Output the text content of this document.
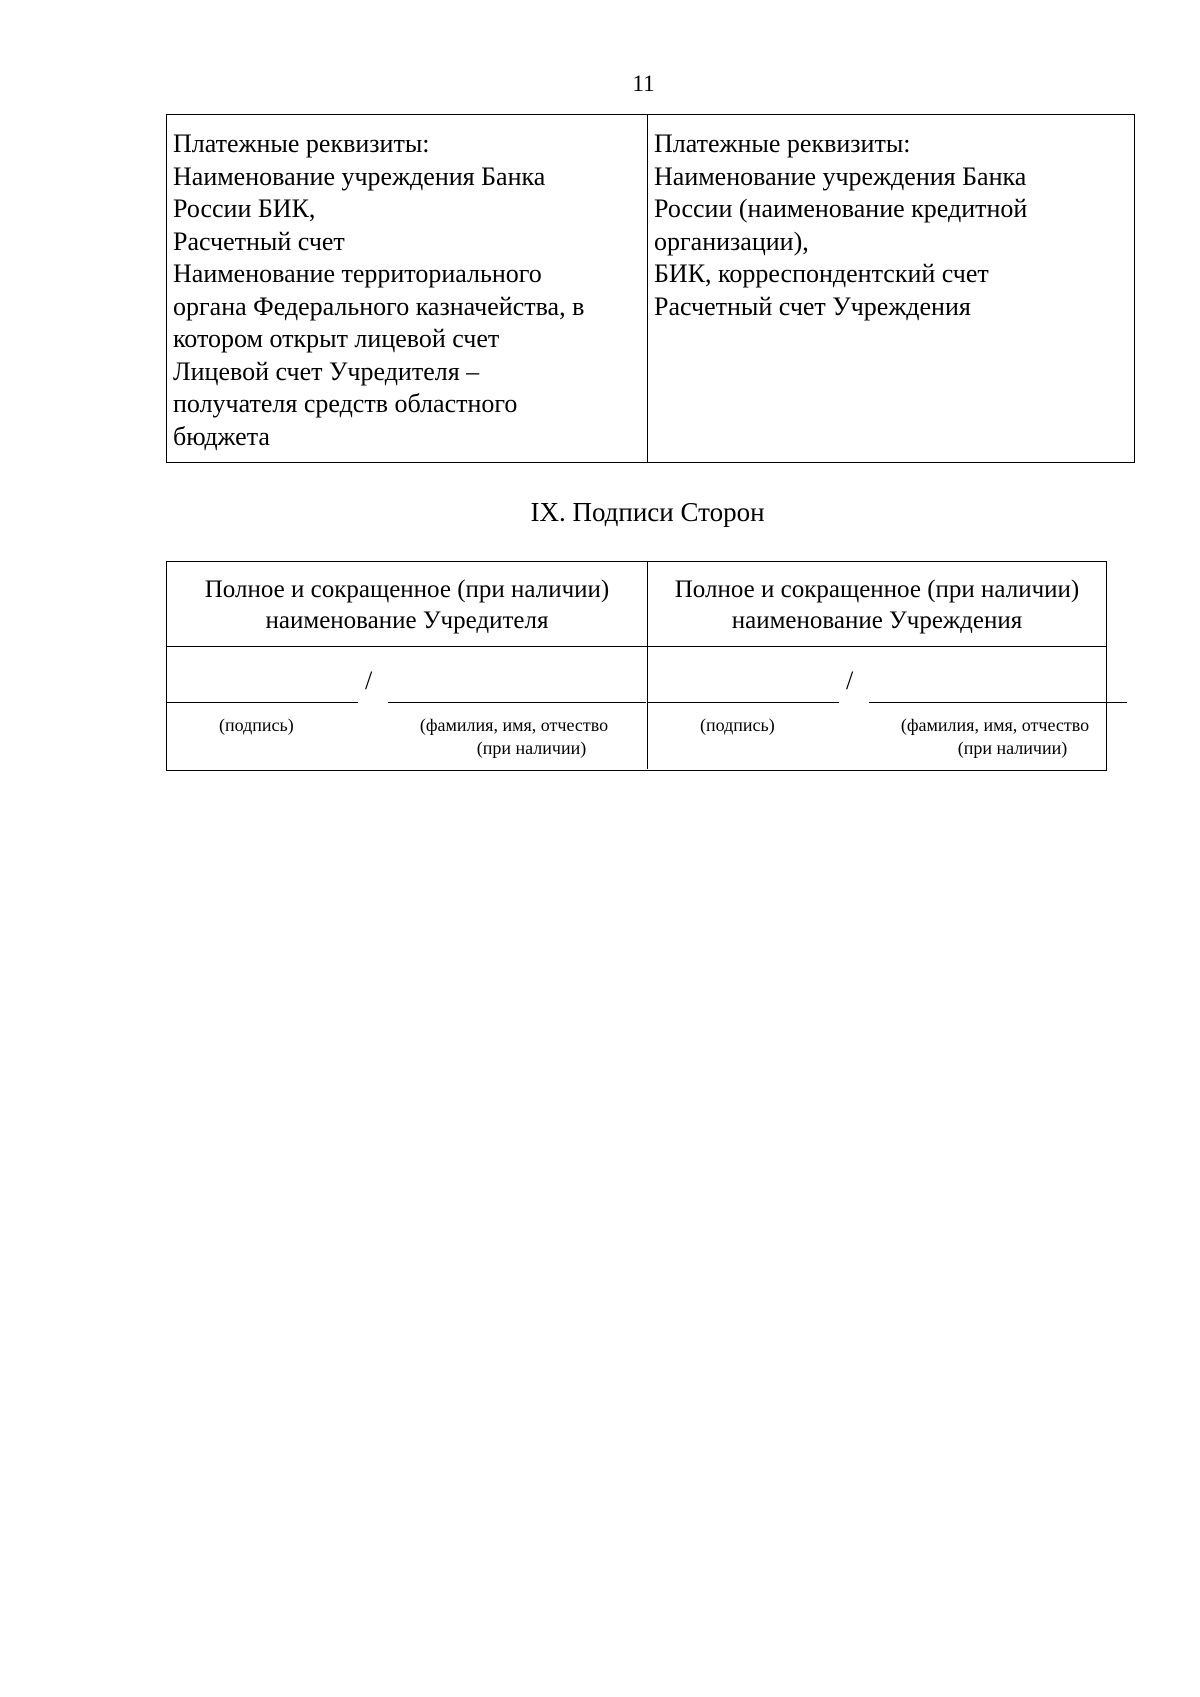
11
Платежные реквизиты:
Наименование учреждения Банка
России БИК,
Расчетный счет
Наименование территориального
органа Федерального казначейства, в
котором открыт лицевой счет
Лицевой счет Учредителя –
получателя средств областного
бюджета
Платежные реквизиты:
Наименование учреждения Банка
России (наименование кредитной
организации),
БИК, корреспондентский счет
Расчетный счет Учреждения
IX. Подписи Сторон
Полное и сокращенное (при наличии)
наименование Учредителя
Полное и сокращенное (при наличии)
наименование Учреждения
/
(подпись)	(фамилия, имя, отчество
(при наличии)
/
(подпись)	(фамилия, имя, отчество
(при наличии)
